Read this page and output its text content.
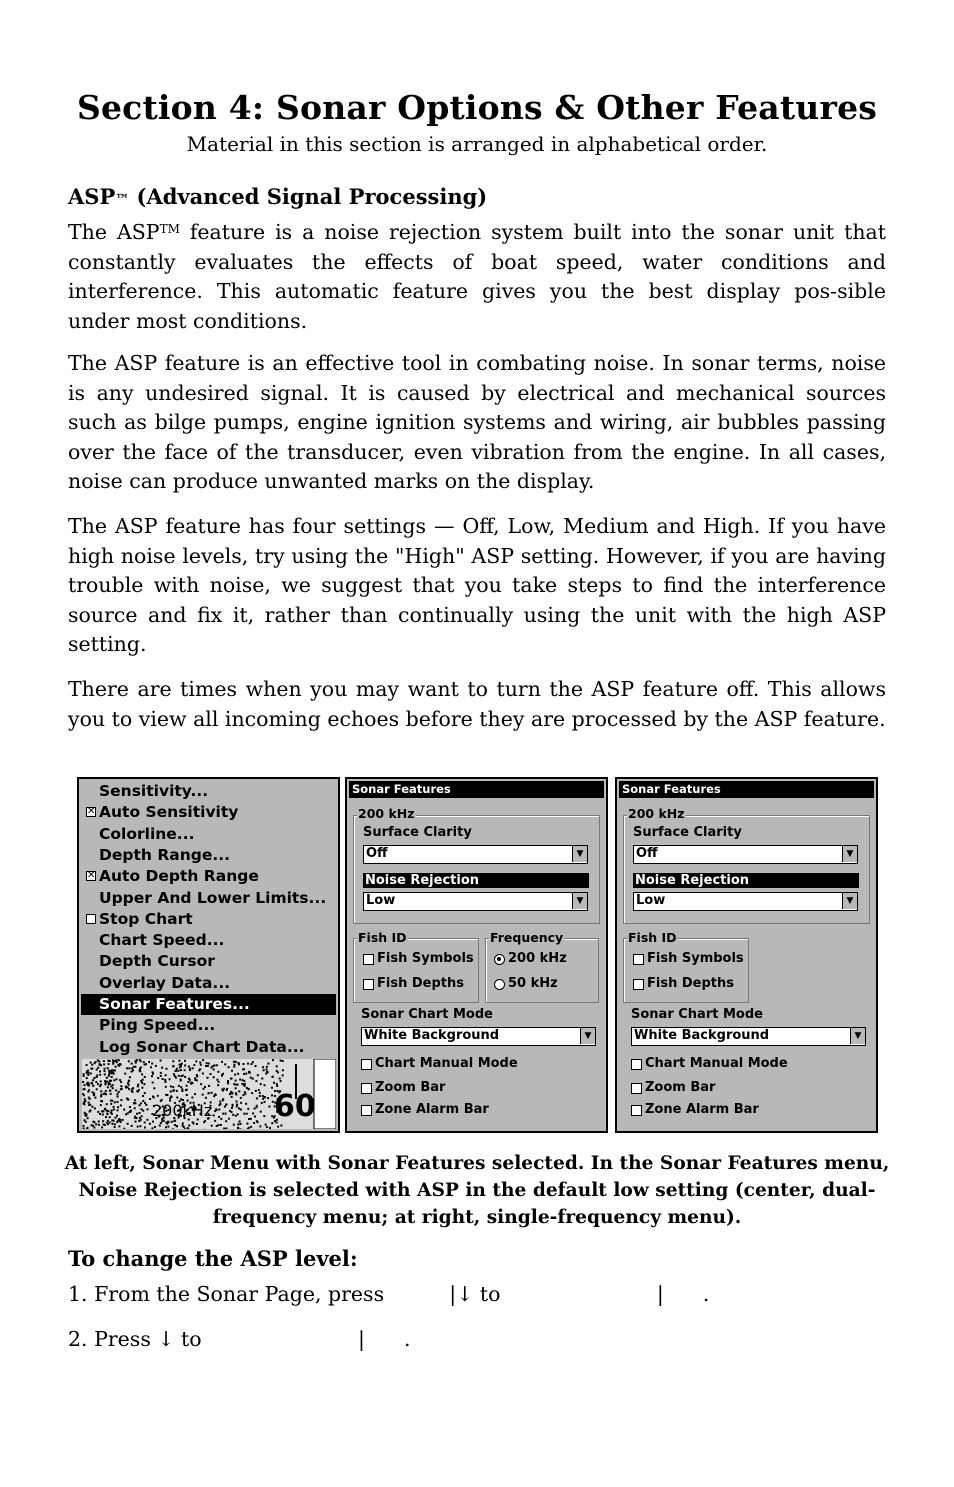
Section 4: Sonar Options & Other Features
Material in this section is arranged in alphabetical order.
ASP™ (Advanced Signal Processing)
The ASP™ feature is a noise rejection system built into the sonar unit that constantly evaluates the effects of boat speed, water conditions and interference. This automatic feature gives you the best display pos-sible under most conditions.
The ASP feature is an effective tool in combating noise. In sonar terms, noise is any undesired signal. It is caused by electrical and mechanical sources such as bilge pumps, engine ignition systems and wiring, air bubbles passing over the face of the transducer, even vibration from the engine. In all cases, noise can produce unwanted marks on the display.
The ASP feature has four settings — Off, Low, Medium and High. If you have high noise levels, try using the "High" ASP setting. However, if you are having trouble with noise, we suggest that you take steps to find the interference source and fix it, rather than continually using the unit with the high ASP setting.
There are times when you may want to turn the ASP feature off. This allows you to view all incoming echoes before they are processed by the ASP feature.
Sensitivity...
✕ Auto Sensitivity
Colorline...
Depth Range...
✕ Auto Depth Range
Upper And Lower Limits...
Stop Chart
Chart Speed...
Depth Cursor
Overlay Data...
Sonar Features...
Ping Speed...
Log Sonar Chart Data...
200kHz 60
Sonar Features
200 kHz
Surface Clarity
Off	▼
Noise Rejection
Low	▼
Fish ID
Fish Symbols
Fish Depths
Frequency
200 kHz
50 kHz
Sonar Chart Mode
White Background	▼
Chart Manual Mode
Zoom Bar
Zone Alarm Bar
Sonar Features
200 kHz
Surface Clarity
Off	▼
Noise Rejection
Low	▼
Fish ID
Fish Symbols
Fish Depths
Sonar Chart Mode
White Background	▼
Chart Manual Mode
Zoom Bar
Zone Alarm Bar
At left, Sonar Menu with Sonar Features selected. In the Sonar Features menu, Noise Rejection is selected with ASP in the default low setting (center, dual-frequency menu; at right, single-frequency menu).
To change the ASP level:
1. From the Sonar Page, press          |↓ to                        |      .
2. Press ↓ to                        |      .
